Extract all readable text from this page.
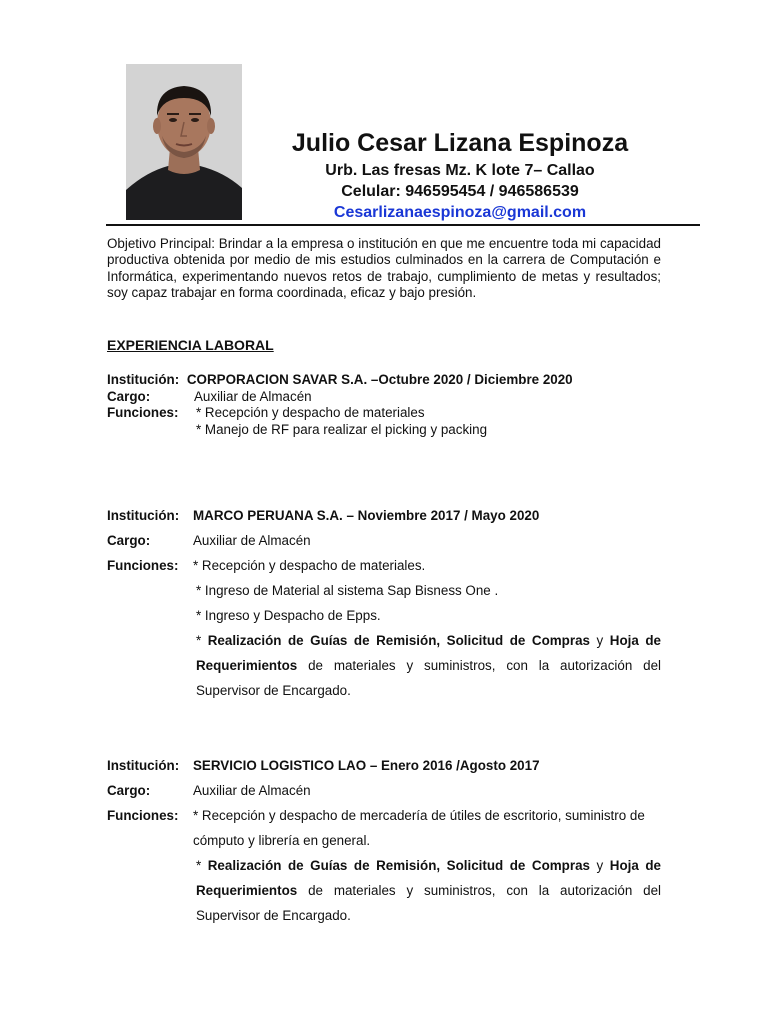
Julio Cesar Lizana Espinoza
Urb. Las fresas Mz. K lote 7– Callao
Celular: 946595454 / 946586539
Cesarlizanaespinoza@gmail.com
Objetivo Principal: Brindar a la empresa o institución en que me encuentre toda mi capacidad productiva obtenida por medio de mis estudios culminados en la carrera de Computación e Informática, experimentando nuevos retos de trabajo, cumplimiento de metas y resultados; soy capaz trabajar en forma coordinada, eficaz y bajo presión.
EXPERIENCIA LABORAL
Institución: CORPORACION SAVAR S.A. –Octubre 2020 / Diciembre 2020
Cargo:	Auxiliar de Almacén
Funciones: * Recepción y despacho de materiales
* Manejo de RF para realizar el picking y packing
Institución: MARCO PERUANA S.A. – Noviembre 2017 / Mayo 2020
Cargo:	Auxiliar de Almacén
Funciones: * Recepción y despacho de materiales.
* Ingreso de Material al sistema Sap Bisness One .
* Ingreso y Despacho de Epps.
* Realización de Guías de Remisión, Solicitud de Compras y Hoja de Requerimientos de materiales y suministros, con la autorización del Supervisor de Encargado.
Institución: SERVICIO LOGISTICO LAO – Enero 2016 /Agosto 2017
Cargo:	Auxiliar de Almacén
Funciones: * Recepción y despacho de mercadería de útiles de escritorio, suministro de cómputo y librería en general.
* Realización de Guías de Remisión, Solicitud de Compras y Hoja de Requerimientos de materiales y suministros, con la autorización del Supervisor de Encargado.
